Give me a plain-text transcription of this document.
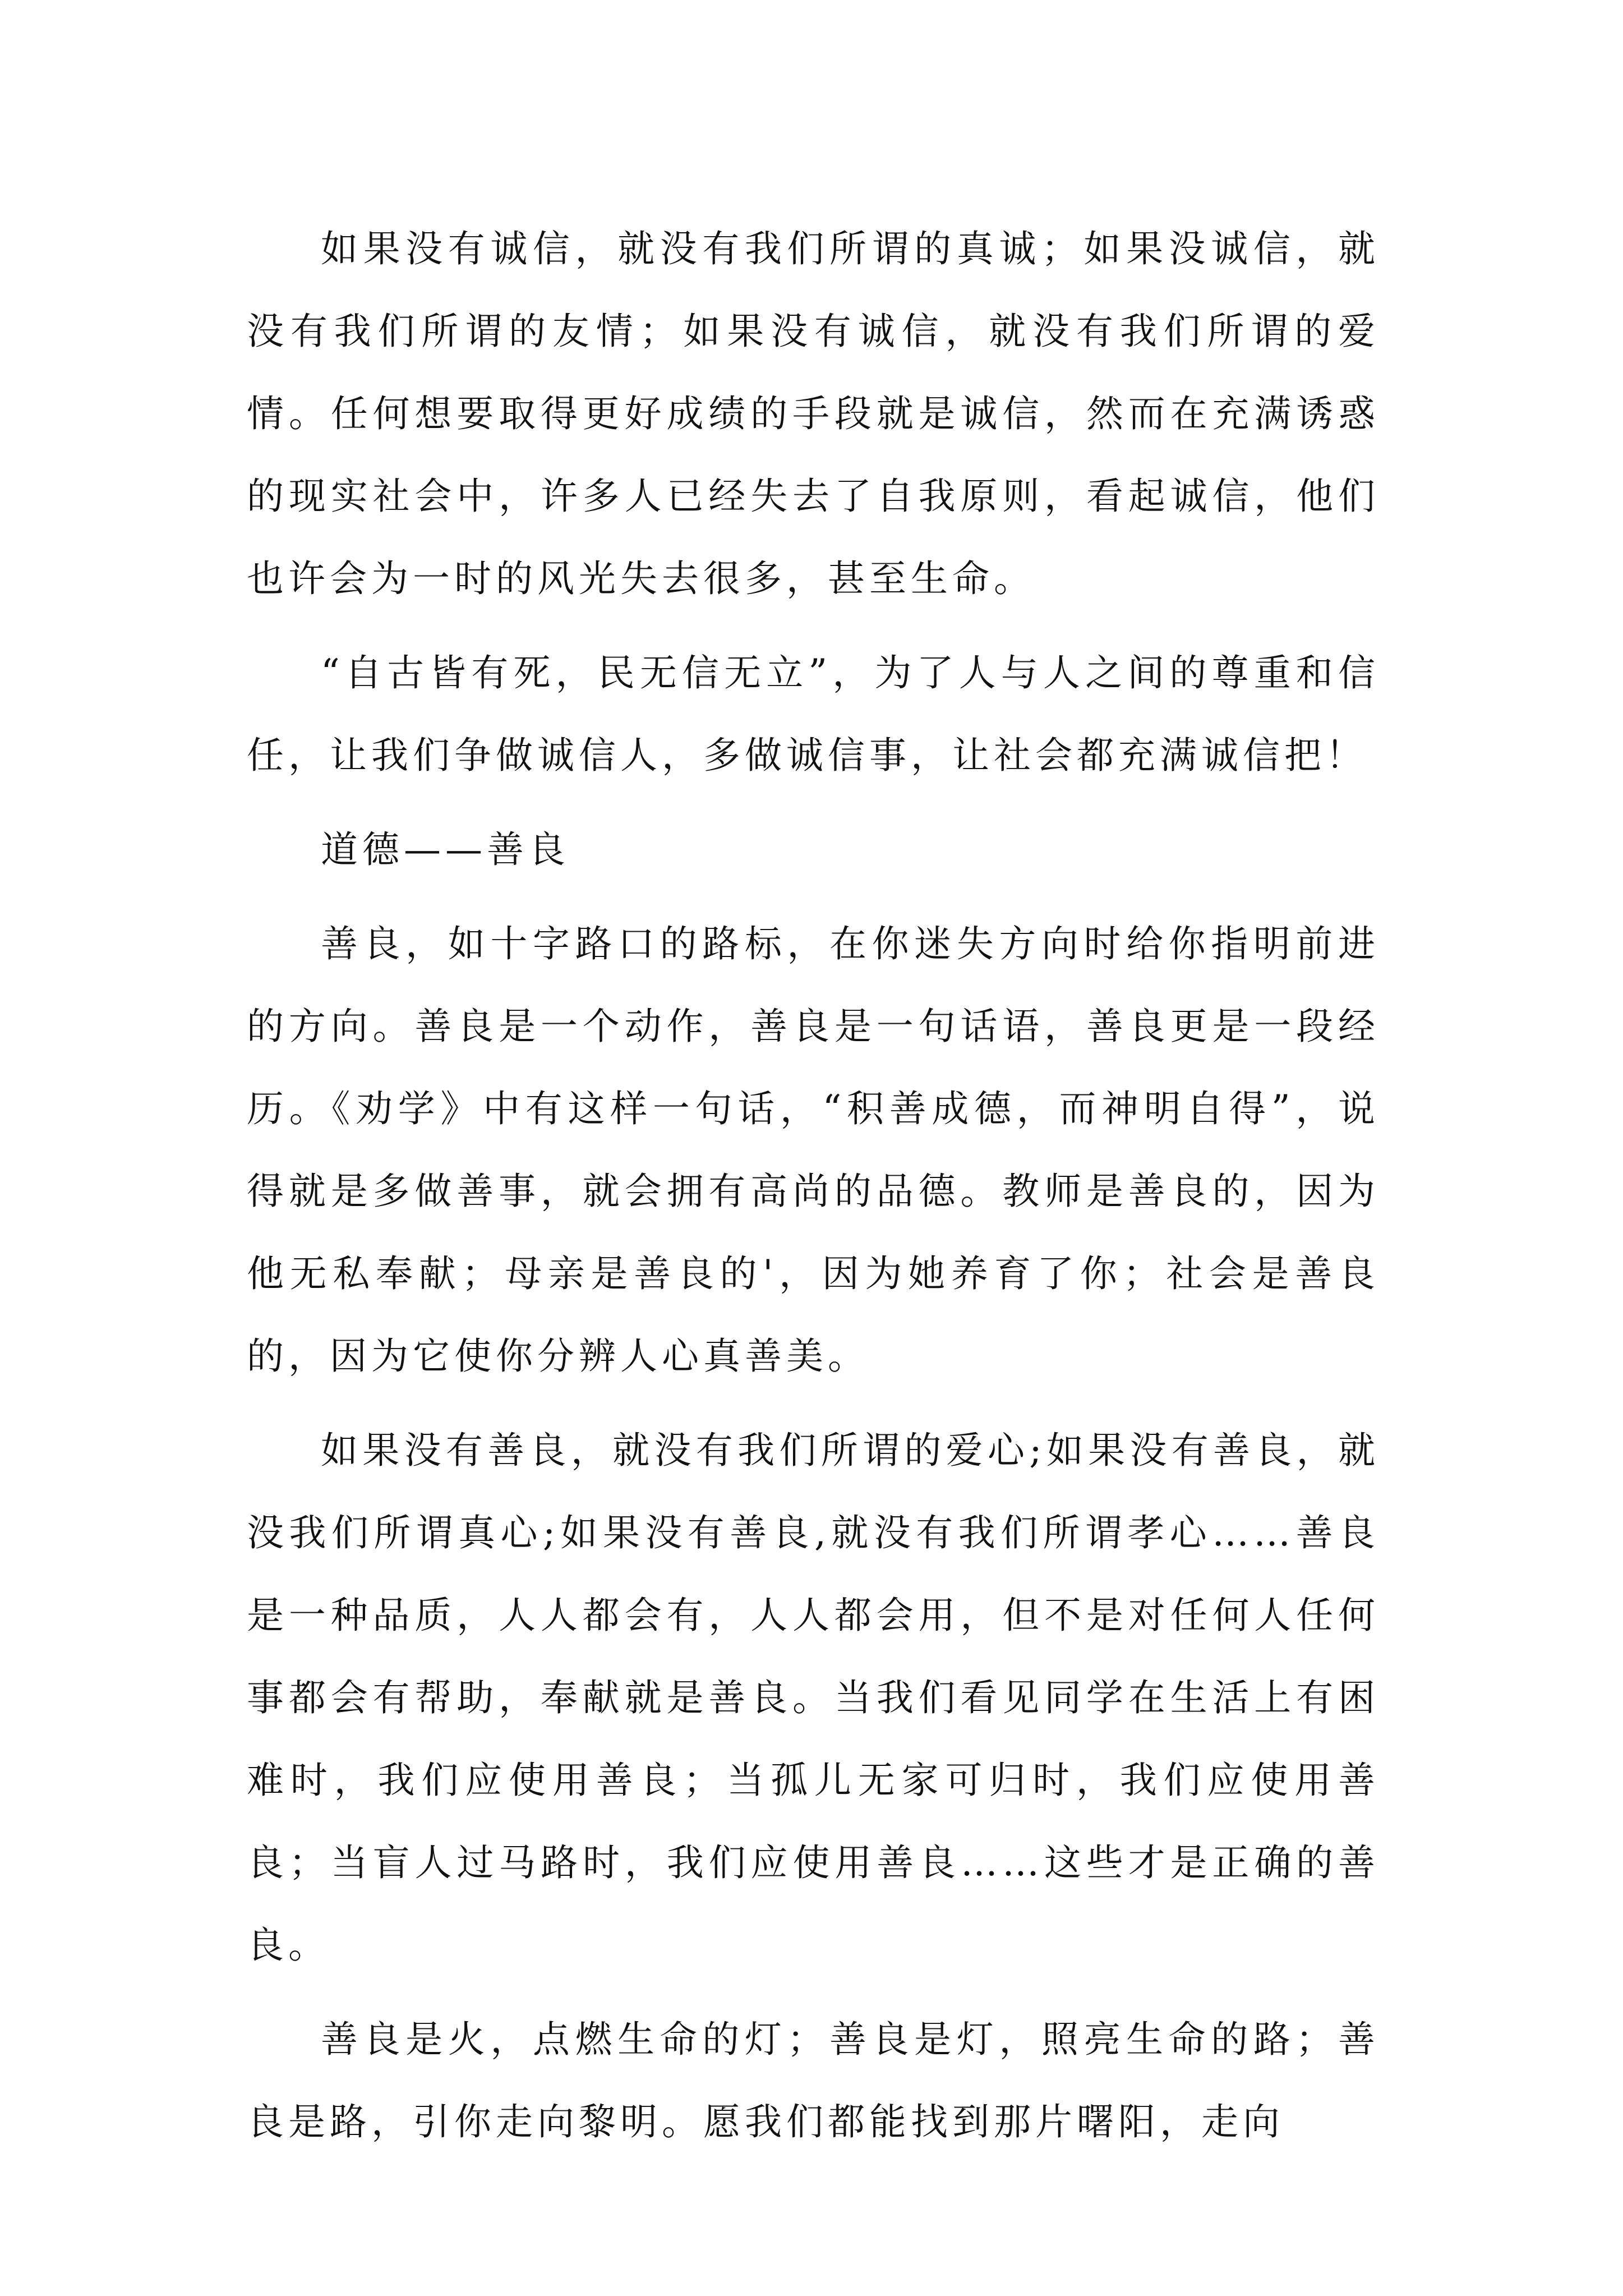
如果没有诚信，就没有我们所谓的真诚；如果没诚信，就没有我们所谓的友情；如果没有诚信，就没有我们所谓的爱情。任何想要取得更好成绩的手段就是诚信，然而在充满诱惑的现实社会中，许多人已经失去了自我原则，看起诚信，他们也许会为一时的风光失去很多，甚至生命。

“自古皆有死，民无信无立”，为了人与人之间的尊重和信任，让我们争做诚信人，多做诚信事，让社会都充满诚信把！

道德——善良

善良，如十字路口的路标，在你迷失方向时给你指明前进的方向。善良是一个动作，善良是一句话语，善良更是一段经历。《劝学》中有这样一句话，“积善成德，而神明自得”，说得就是多做善事，就会拥有高尚的品德。教师是善良的，因为他无私奉献；母亲是善良的'，因为她养育了你；社会是善良的，因为它使你分辨人心真善美。

如果没有善良，就没有我们所谓的爱心;如果没有善良，就没我们所谓真心;如果没有善良,就没有我们所谓孝心……善良是一种品质，人人都会有，人人都会用，但不是对任何人任何事都会有帮助，奉献就是善良。当我们看见同学在生活上有困难时，我们应使用善良；当孤儿无家可归时，我们应使用善良；当盲人过马路时，我们应使用善良……这些才是正确的善良。

善良是火，点燃生命的灯；善良是灯，照亮生命的路；善良是路，引你走向黎明。愿我们都能找到那片曙阳，走向
